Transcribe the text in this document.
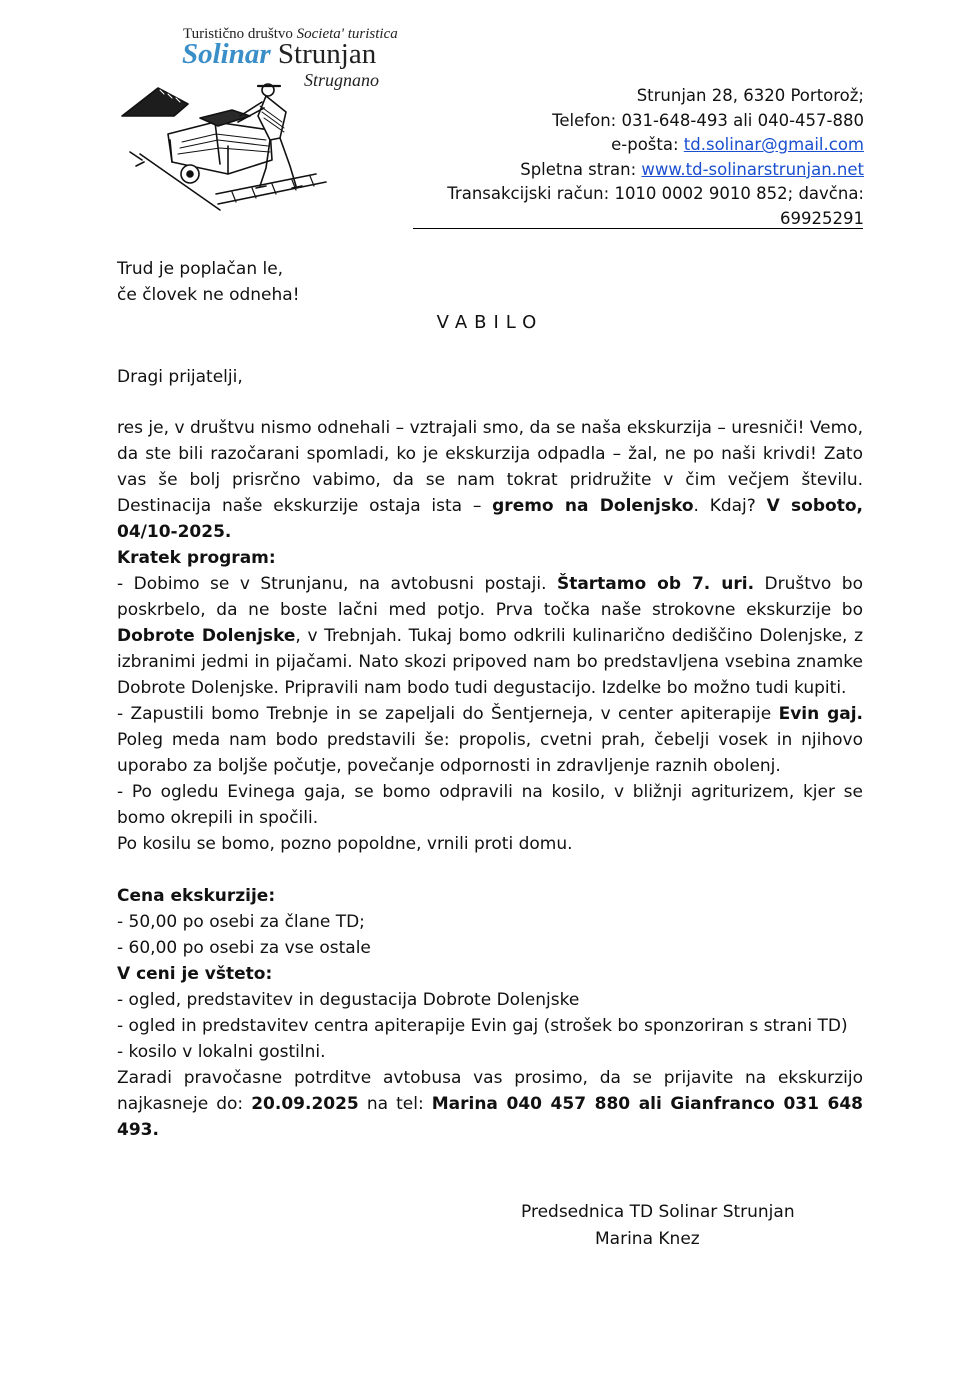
Turistično društvo Societa' turistica
Solinar Strunjan
Strugnano
Strunjan 28, 6320 Portorož;
Telefon: 031-648-493 ali 040-457-880
e-pošta: td.solinar@gmail.com
Spletna stran: www.td-solinarstrunjan.net
Transakcijski račun: 1010 0002 9010 852; davčna:
69925291
Trud je poplačan le,
če človek ne odneha!
VABILO
Dragi prijatelji,

res je, v društvu nismo odnehali – vztrajali smo, da se naša ekskurzija – uresniči! Vemo, da ste bili razočarani spomladi, ko je ekskurzija odpadla – žal, ne po naši krivdi! Zato vas še bolj prisrčno vabimo, da se nam tokrat pridružite v čim večjem številu. Destinacija naše ekskurzije ostaja ista – gremo na Dolenjsko. Kdaj? V soboto, 04/10-2025.

Kratek program:

- Dobimo se v Strunjanu, na avtobusni postaji. Štartamo ob 7. uri. Društvo bo poskrbelo, da ne boste lačni med potjo. Prva točka naše strokovne ekskurzije bo Dobrote Dolenjske, v Trebnjah. Tukaj bomo odkrili kulinarično dediščino Dolenjske, z izbranimi jedmi in pijačami. Nato skozi pripoved nam bo predstavljena vsebina znamke Dobrote Dolenjske. Pripravili nam bodo tudi degustacijo. Izdelke bo možno tudi kupiti.

- Zapustili bomo Trebnje in se zapeljali do Šentjerneja, v center apiterapije Evin gaj. Poleg meda nam bodo predstavili še: propolis, cvetni prah, čebelji vosek in njihovo uporabo za boljše počutje, povečanje odpornosti in zdravljenje raznih obolenj.

- Po ogledu Evinega gaja, se bomo odpravili na kosilo, v bližnji agriturizem, kjer se bomo okrepili in spočili.

Po kosilu se bomo, pozno popoldne, vrnili proti domu.

Cena ekskurzije:

- 50,00 po osebi za člane TD;

- 60,00 po osebi za vse ostale

V ceni je všteto:

- ogled, predstavitev in degustacija Dobrote Dolenjske

- ogled in predstavitev centra apiterapije Evin gaj (strošek bo sponzoriran s strani TD)

- kosilo v lokalni gostilni.

Zaradi pravočasne potrditve avtobusa vas prosimo, da se prijavite na ekskurzijo najkasneje do: 20.09.2025 na tel: Marina 040 457 880 ali Gianfranco 031 648 493.

Predsednica TD Solinar Strunjan
Marina Knez
